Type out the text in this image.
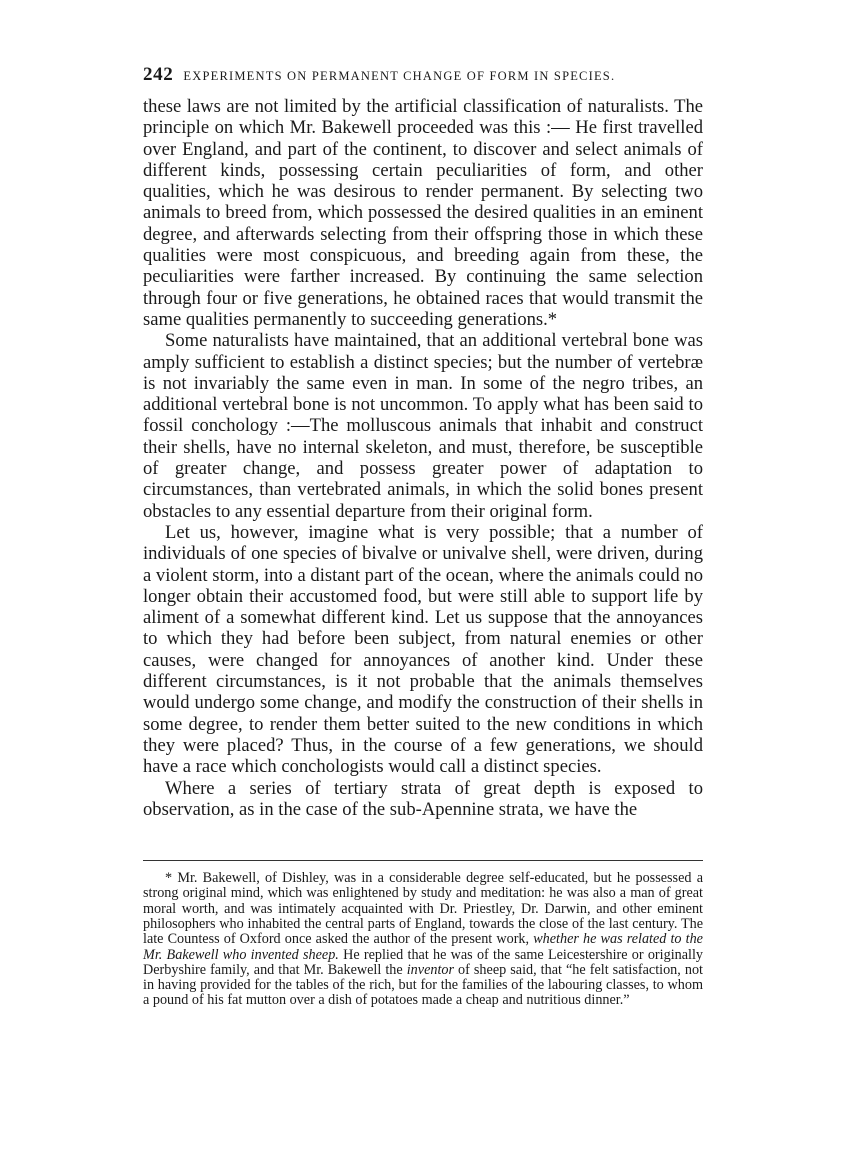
242 EXPERIMENTS ON PERMANENT CHANGE OF FORM IN SPECIES.

these laws are not limited by the artificial classification of naturalists. The principle on which Mr. Bakewell proceeded was this :— He first travelled over England, and part of the continent, to discover and select animals of different kinds, possessing certain peculiarities of form, and other qualities, which he was desirous to render permanent. By selecting two animals to breed from, which possessed the desired qualities in an eminent degree, and afterwards selecting from their offspring those in which these qualities were most conspicuous, and breeding again from these, the peculiarities were farther increased. By continuing the same selection through four or five generations, he obtained races that would transmit the same qualities permanently to succeeding generations.*

Some naturalists have maintained, that an additional vertebral bone was amply sufficient to establish a distinct species; but the number of vertebræ is not invariably the same even in man. In some of the negro tribes, an additional vertebral bone is not uncommon. To apply what has been said to fossil conchology :—The molluscous animals that inhabit and construct their shells, have no internal skeleton, and must, therefore, be susceptible of greater change, and possess greater power of adaptation to circumstances, than vertebrated animals, in which the solid bones present obstacles to any essential departure from their original form.

Let us, however, imagine what is very possible; that a number of individuals of one species of bivalve or univalve shell, were driven, during a violent storm, into a distant part of the ocean, where the animals could no longer obtain their accustomed food, but were still able to support life by aliment of a somewhat different kind. Let us suppose that the annoyances to which they had before been subject, from natural enemies or other causes, were changed for annoyances of another kind. Under these different circumstances, is it not probable that the animals themselves would undergo some change, and modify the construction of their shells in some degree, to render them better suited to the new conditions in which they were placed? Thus, in the course of a few generations, we should have a race which conchologists would call a distinct species.

Where a series of tertiary strata of great depth is exposed to observation, as in the case of the sub-Apennine strata, we have the

* Mr. Bakewell, of Dishley, was in a considerable degree self-educated, but he possessed a strong original mind, which was enlightened by study and meditation: he was also a man of great moral worth, and was intimately acquainted with Dr. Priestley, Dr. Darwin, and other eminent philosophers who inhabited the central parts of England, towards the close of the last century. The late Countess of Oxford once asked the author of the present work, whether he was related to the Mr. Bakewell who invented sheep. He replied that he was of the same Leicestershire or originally Derbyshire family, and that Mr. Bakewell the inventor of sheep said, that “he felt satisfaction, not in having provided for the tables of the rich, but for the families of the labouring classes, to whom a pound of his fat mutton over a dish of potatoes made a cheap and nutritious dinner.”
